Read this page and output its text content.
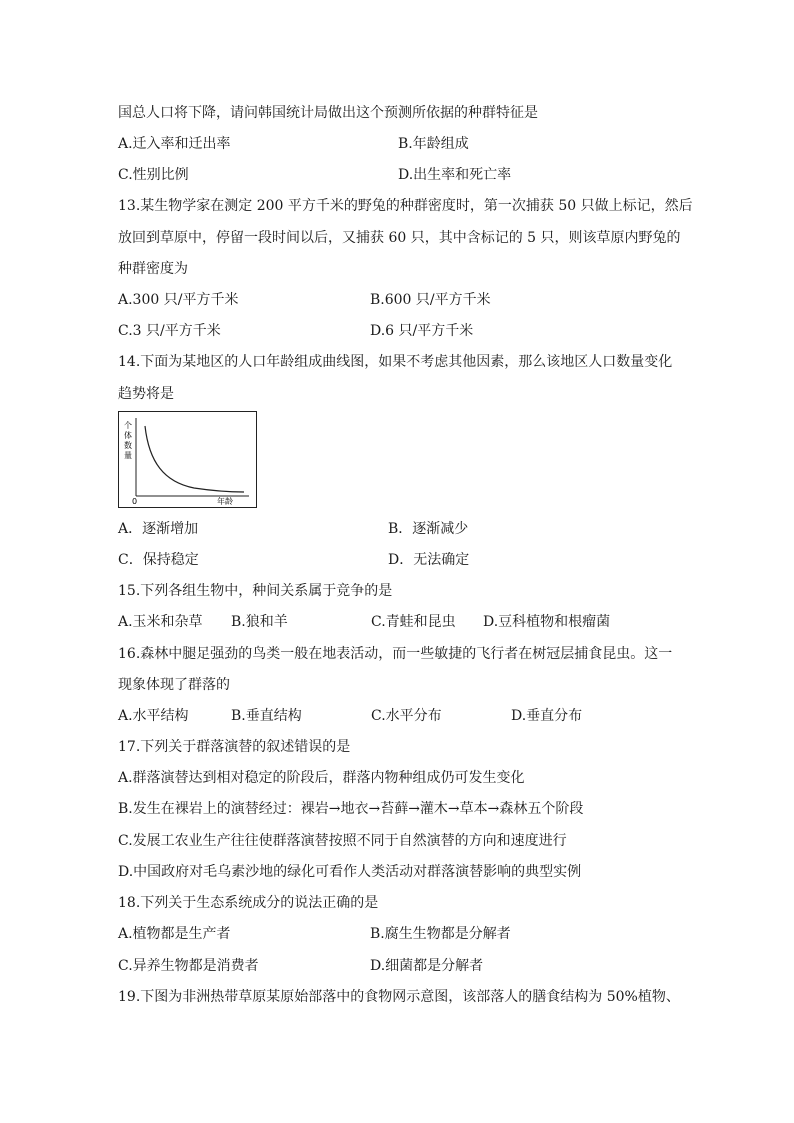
国总人口将下降，请问韩国统计局做出这个预测所依据的种群特征是
A.迁入率和迁出率	B.年龄组成
C.性别比例	D.出生率和死亡率
13.某生物学家在测定 200 平方千米的野兔的种群密度时，第一次捕获 50 只做上标记，然后
放回到草原中，停留一段时间以后，又捕获 60 只，其中含标记的 5 只，则该草原内野兔的
种群密度为
A.300 只/平方千米	B.600 只/平方千米
C.3 只/平方千米	D.6 只/平方千米
14.下面为某地区的人口年龄组成曲线图，如果不考虑其他因素，那么该地区人口数量变化
趋势将是
个
体
数
量
0	年龄
A．逐渐增加	B．逐渐减少
C．保持稳定	D．无法确定
15.下列各组生物中，种间关系属于竞争的是
A.玉米和杂草 B.狼和羊	C.青蛙和昆虫 D.豆科植物和根瘤菌
16.森林中腿足强劲的鸟类一般在地表活动，而一些敏捷的飞行者在树冠层捕食昆虫。这一
现象体现了群落的
A.水平结构	B.垂直结构	C.水平分布	D.垂直分布
17.下列关于群落演替的叙述错误的是
A.群落演替达到相对稳定的阶段后，群落内物种组成仍可发生变化
B.发生在裸岩上的演替经过：裸岩→地衣→苔藓→灌木→草本→森林五个阶段
C.发展工农业生产往往使群落演替按照不同于自然演替的方向和速度进行
D.中国政府对毛乌素沙地的绿化可看作人类活动对群落演替影响的典型实例
18.下列关于生态系统成分的说法正确的是
A.植物都是生产者	B.腐生生物都是分解者
C.异养生物都是消费者	D.细菌都是分解者
19.下图为非洲热带草原某原始部落中的食物网示意图，该部落人的膳食结构为 50%植物、
